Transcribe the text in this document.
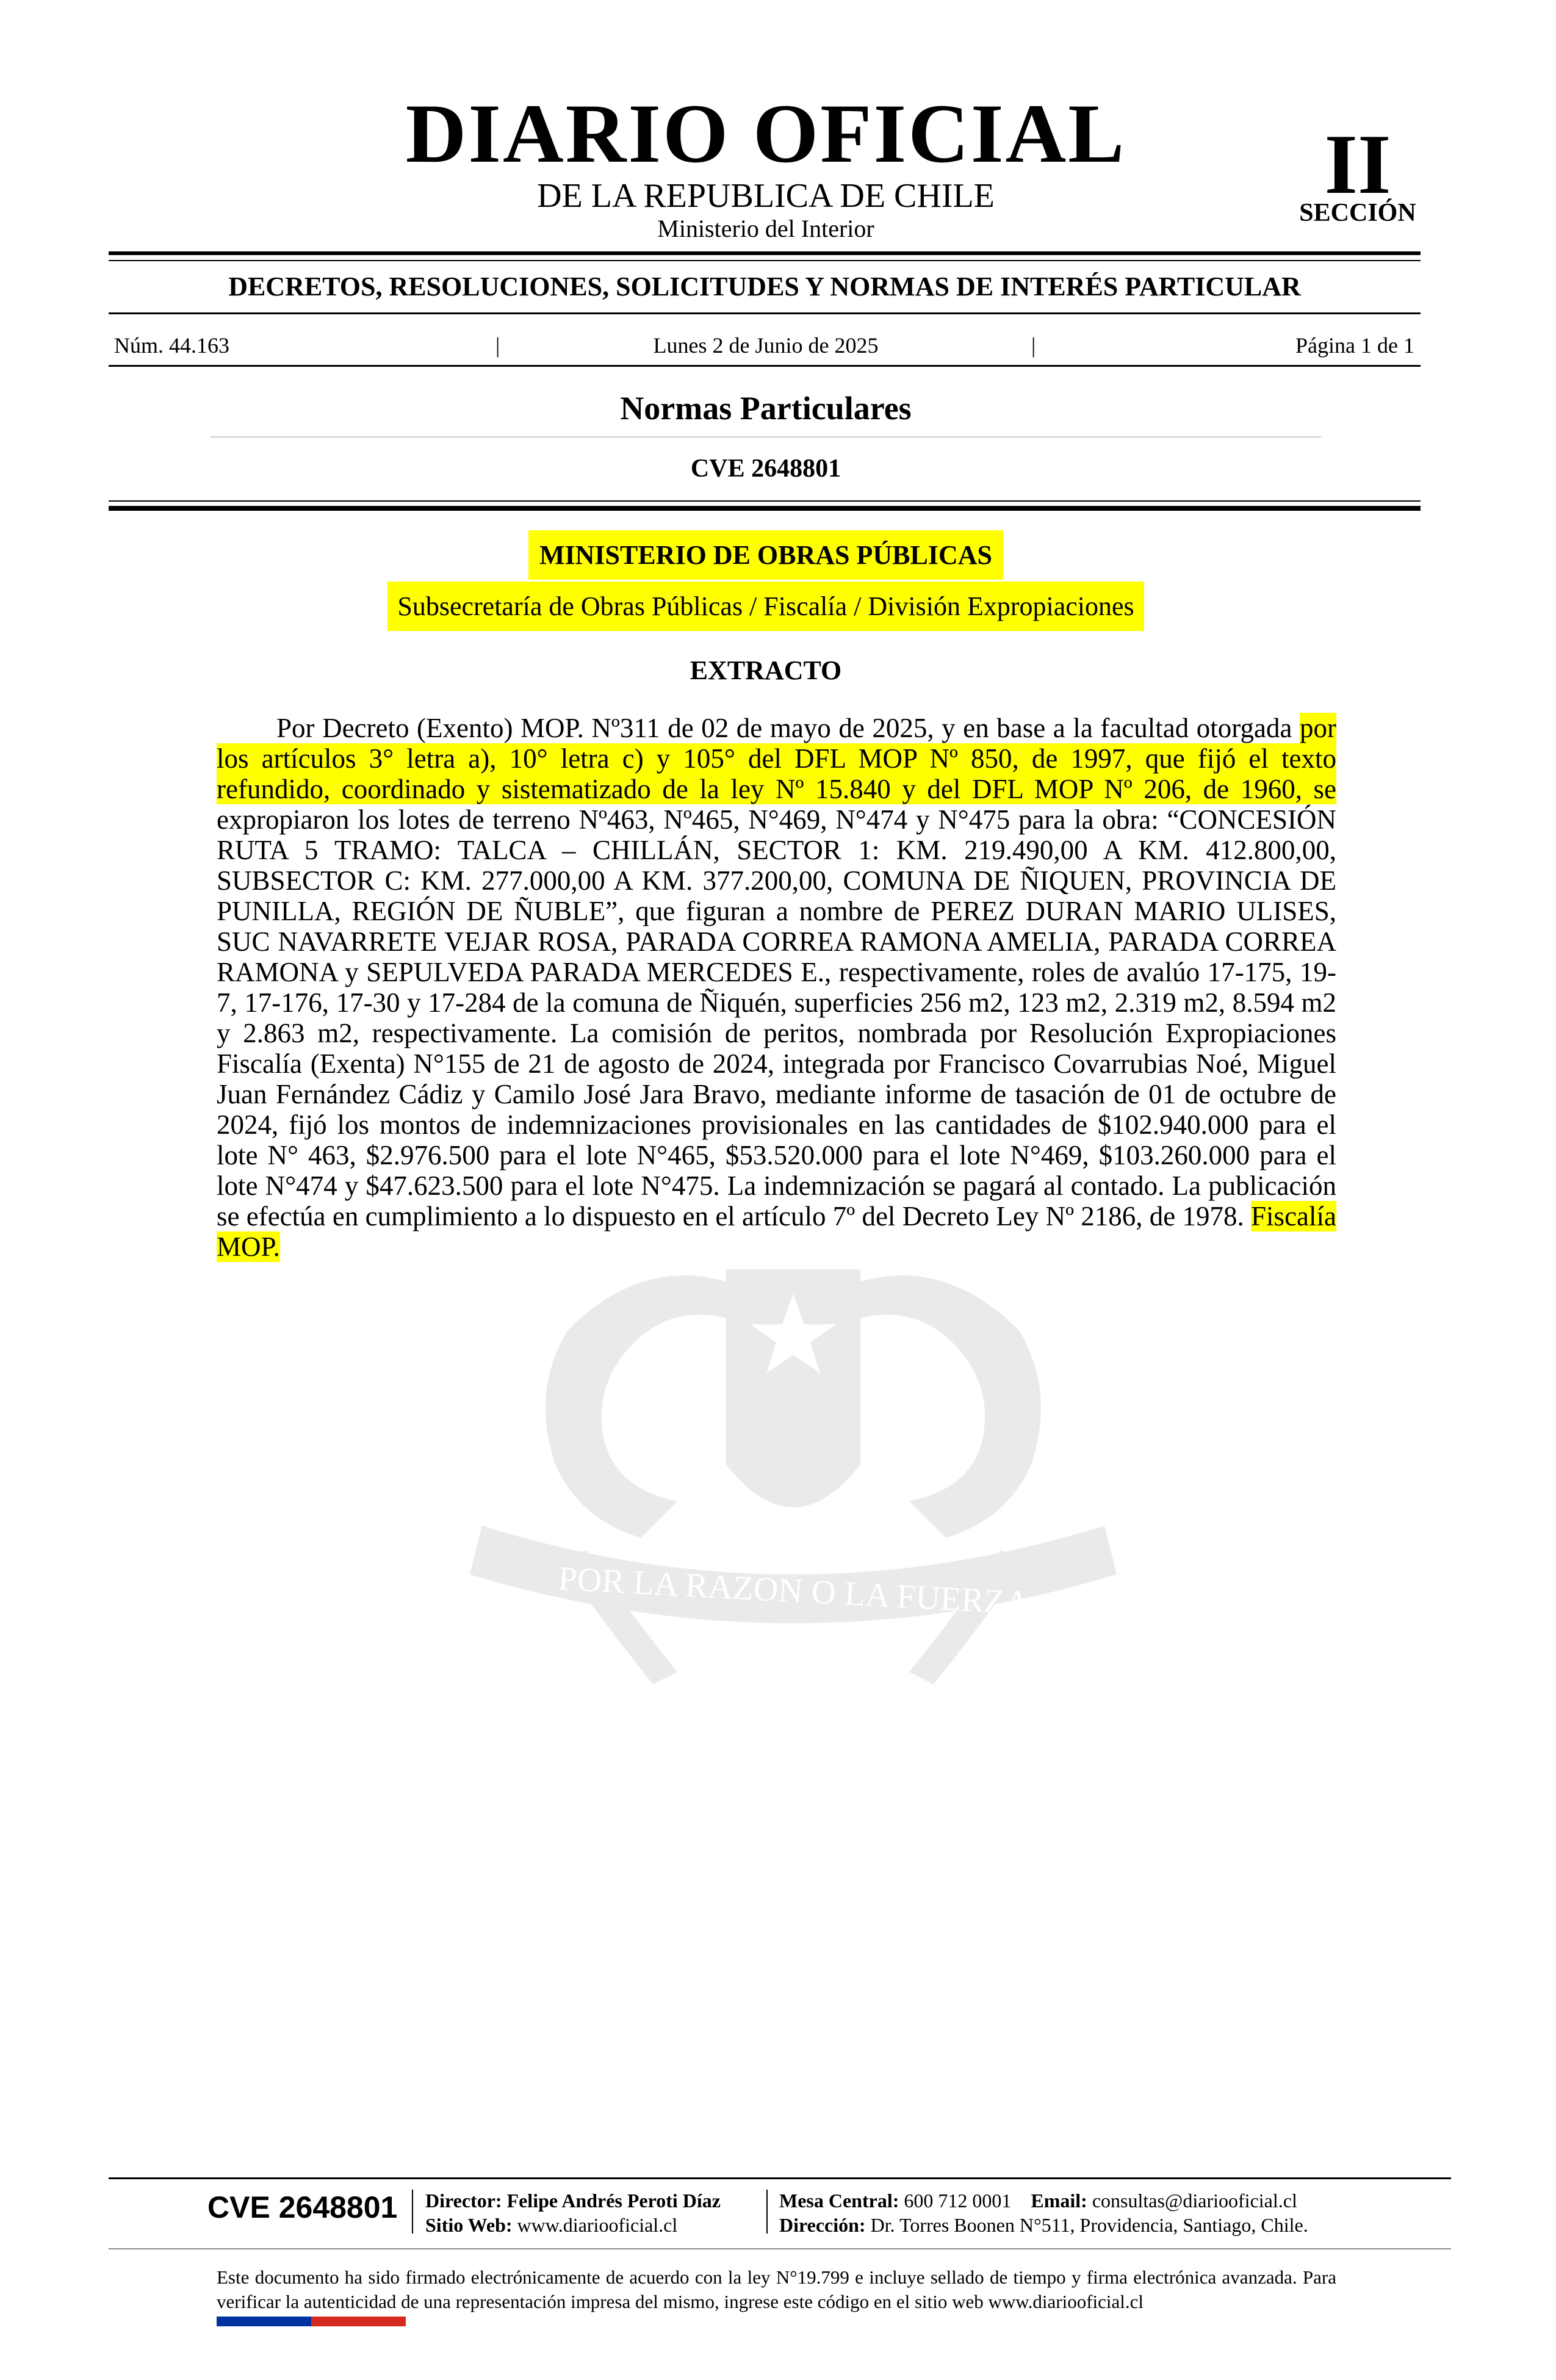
DIARIO OFICIAL
DE LA REPUBLICA DE CHILE
Ministerio del Interior
II
SECCIÓN
DECRETOS, RESOLUCIONES, SOLICITUDES Y NORMAS DE INTERÉS PARTICULAR
Núm. 44.163	|	Lunes 2 de Junio de 2025	|	Página 1 de 1
Normas Particulares
CVE 2648801
POR LA RAZON O LA FUERZA
MINISTERIO DE OBRAS PÚBLICAS
Subsecretaría de Obras Públicas / Fiscalía / División Expropiaciones
EXTRACTO

Por Decreto (Exento) MOP. Nº311 de 02 de mayo de 2025, y en base a la facultad otorgada por los artículos 3° letra a), 10° letra c) y 105° del DFL MOP Nº 850, de 1997, que fijó el texto refundido, coordinado y sistematizado de la ley Nº 15.840 y del DFL MOP Nº 206, de 1960, se expropiaron los lotes de terreno Nº463, Nº465, N°469, N°474 y N°475 para la obra: “CONCESIÓN RUTA 5 TRAMO: TALCA – CHILLÁN, SECTOR 1: KM. 219.490,00 A KM. 412.800,00, SUBSECTOR C: KM. 277.000,00 A KM. 377.200,00, COMUNA DE ÑIQUEN, PROVINCIA DE PUNILLA, REGIÓN DE ÑUBLE”, que figuran a nombre de PEREZ DURAN MARIO ULISES, SUC NAVARRETE VEJAR ROSA, PARADA CORREA RAMONA AMELIA, PARADA CORREA RAMONA y SEPULVEDA PARADA MERCEDES E., respectivamente, roles de avalúo 17-175, 19-7, 17-176, 17-30 y 17-284 de la comuna de Ñiquén, superficies 256 m2, 123 m2, 2.319 m2, 8.594 m2 y 2.863 m2, respectivamente. La comisión de peritos, nombrada por Resolución Expropiaciones Fiscalía (Exenta) N°155 de 21 de agosto de 2024, integrada por Francisco Covarrubias Noé, Miguel Juan Fernández Cádiz y Camilo José Jara Bravo, mediante informe de tasación de 01 de octubre de 2024, fijó los montos de indemnizaciones provisionales en las cantidades de $102.940.000 para el lote N° 463, $2.976.500 para el lote N°465, $53.520.000 para el lote N°469, $103.260.000 para el lote N°474 y $47.623.500 para el lote N°475. La indemnización se pagará al contado. La publicación se efectúa en cumplimiento a lo dispuesto en el artículo 7º del Decreto Ley Nº 2186, de 1978. Fiscalía MOP.

CVE 2648801 Director: Felipe Andrés Peroti Díaz
Sitio Web: www.diariooficial.cl
Mesa Central: 600 712 0001 Email: consultas@diariooficial.cl
Dirección: Dr. Torres Boonen N°511, Providencia, Santiago, Chile.
Este documento ha sido firmado electrónicamente de acuerdo con la ley N°19.799 e incluye sellado de tiempo y firma electrónica avanzada. Para verificar la autenticidad de una representación impresa del mismo, ingrese este código en el sitio web www.diariooficial.cl
